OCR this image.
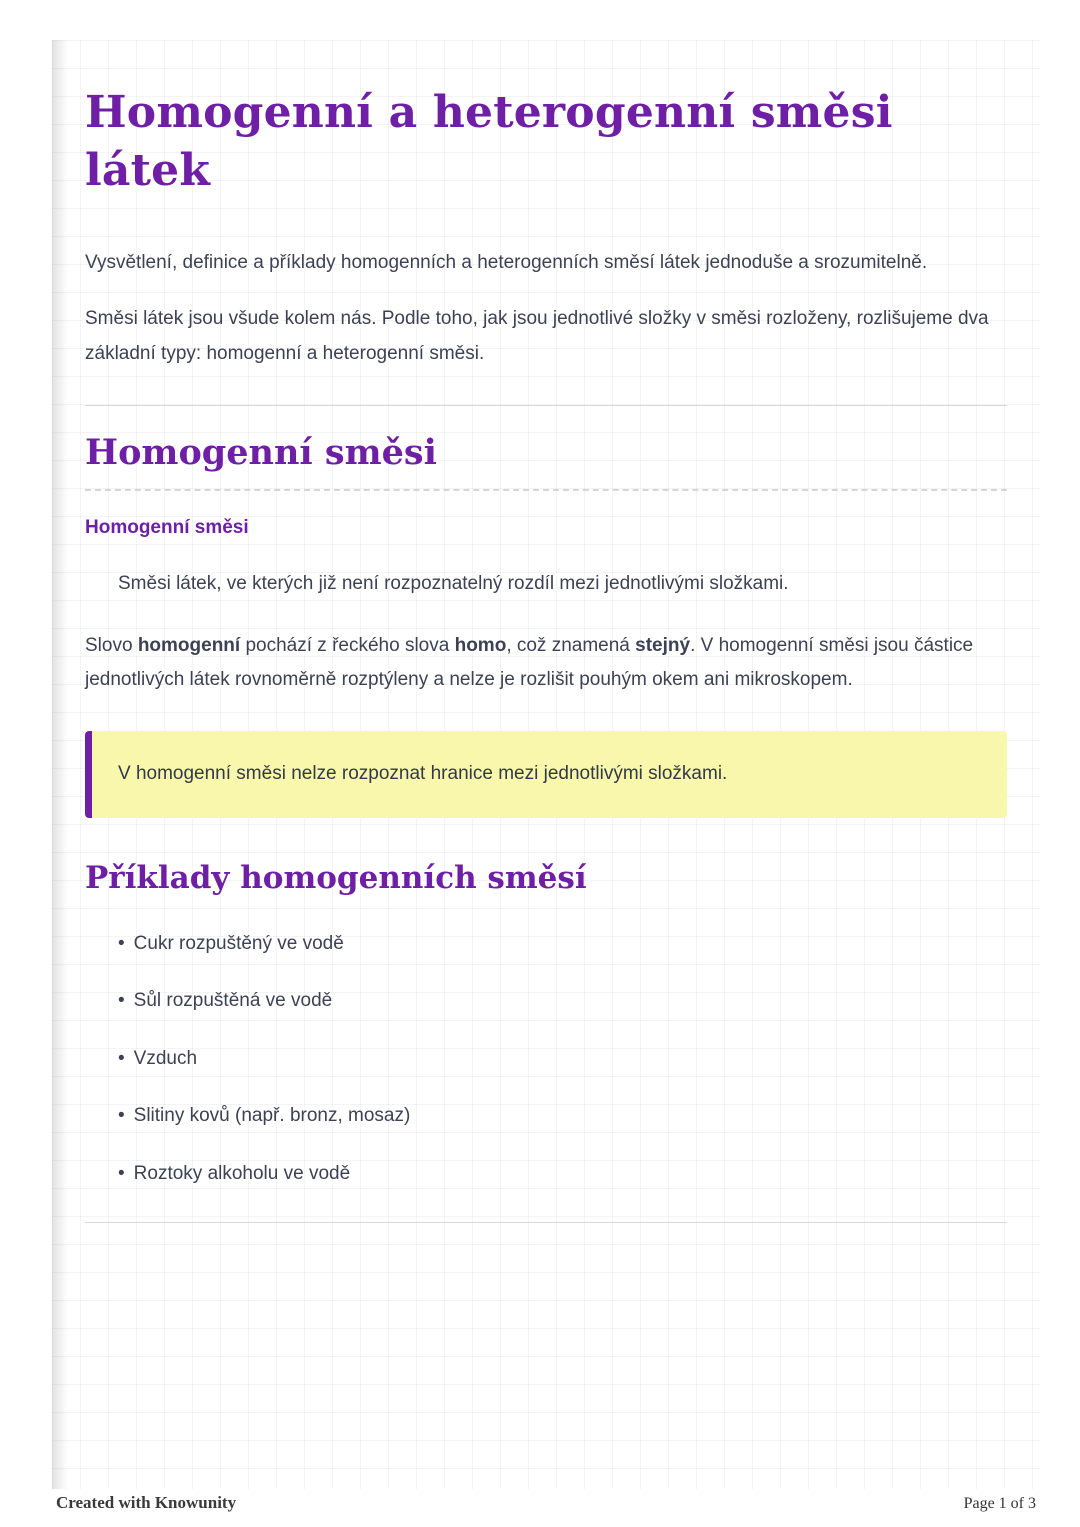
Homogenní a heterogenní směsi látek

Vysvětlení, definice a příklady homogenních a heterogenních směsí látek jednoduše a srozumitelně.

Směsi látek jsou všude kolem nás. Podle toho, jak jsou jednotlivé složky v směsi rozloženy, rozlišujeme dva základní typy: homogenní a heterogenní směsi.

Homogenní směsi
Homogenní směsi

Směsi látek, ve kterých již není rozpoznatelný rozdíl mezi jednotlivými složkami.

Slovo homogenní pochází z řeckého slova homo, což znamená stejný. V homogenní směsi jsou částice jednotlivých látek rovnoměrně rozptýleny a nelze je rozlišit pouhým okem ani mikroskopem.

V homogenní směsi nelze rozpoznat hranice mezi jednotlivými složkami.

Příklady homogenních směsí
• Cukr rozpuštěný ve vodě
• Sůl rozpuštěná ve vodě
• Vzduch
• Slitiny kovů (např. bronz, mosaz)
• Roztoky alkoholu ve vodě
Created with Knowunity	Page 1 of 3
